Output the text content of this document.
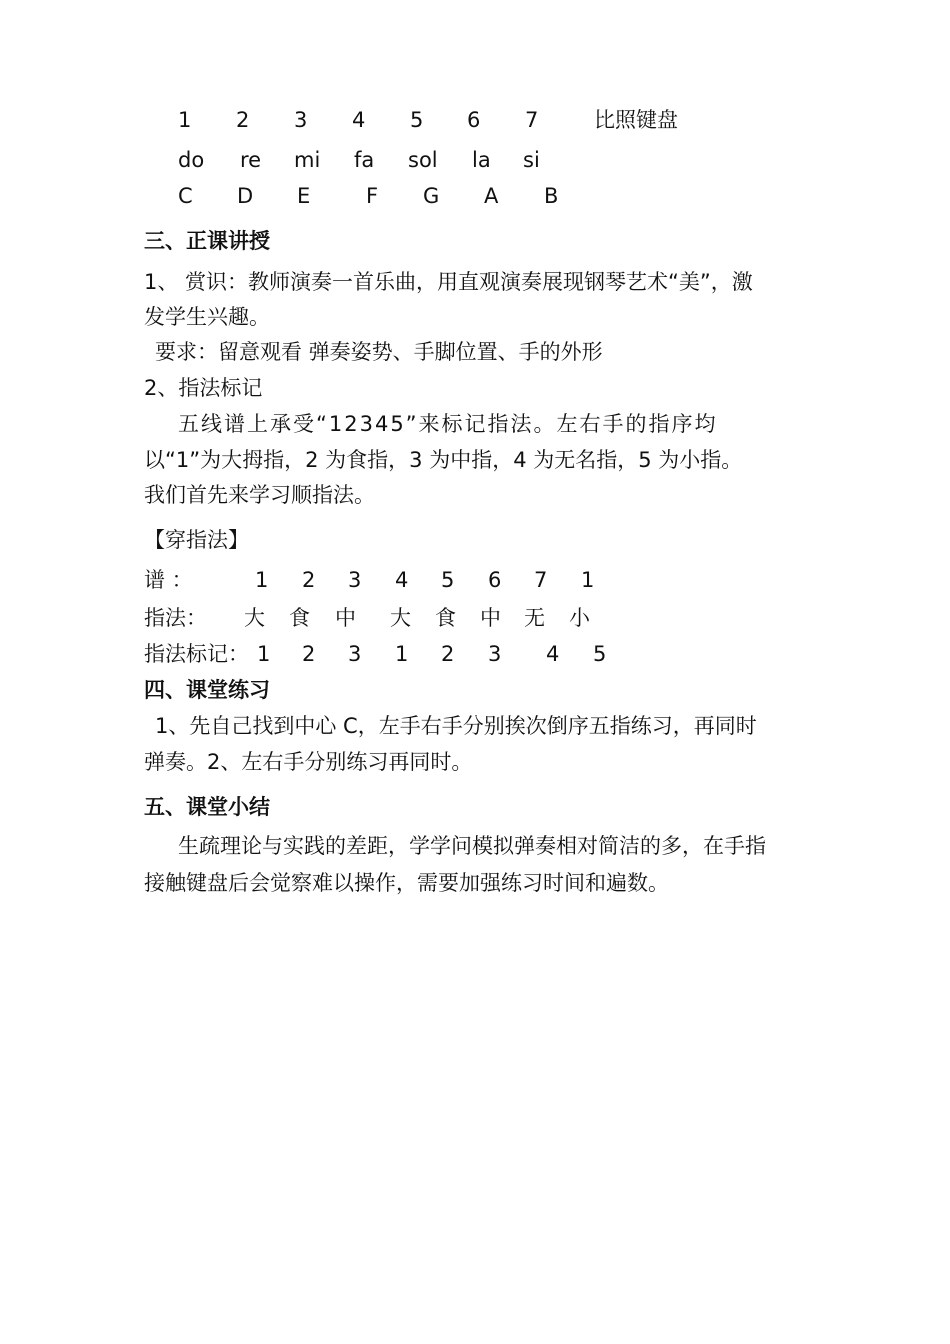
1 2 3 4 5 6 7	比照键盘
do re mi fa sol la si
C D E	F G A B
三、正课讲授
1、 赏识：教师演奏一首乐曲，用直观演奏展现钢琴艺术“美”，激
发学生兴趣。
要求：留意观看 弹奏姿势、手脚位置、手的外形
2、指法标记
五线谱上承受“12345”来标记指法。左右手的指序均
以“1”为大拇指，2 为食指，3 为中指，4 为无名指，5 为小指。
我们首先来学习顺指法。
【穿指法】
谱 ：	1 2 3 4 5 6 7 1
指法： 大 食 中 大 食 中 无 小
指法标记： 1 2 3 1 2 3 4 5
四、课堂练习
1、先自己找到中心 C，左手右手分别挨次倒序五指练习，再同时
弹奏。2、左右手分别练习再同时。
五、课堂小结
生疏理论与实践的差距，学学问模拟弹奏相对简洁的多，在手指
接触键盘后会觉察难以操作，需要加强练习时间和遍数。
